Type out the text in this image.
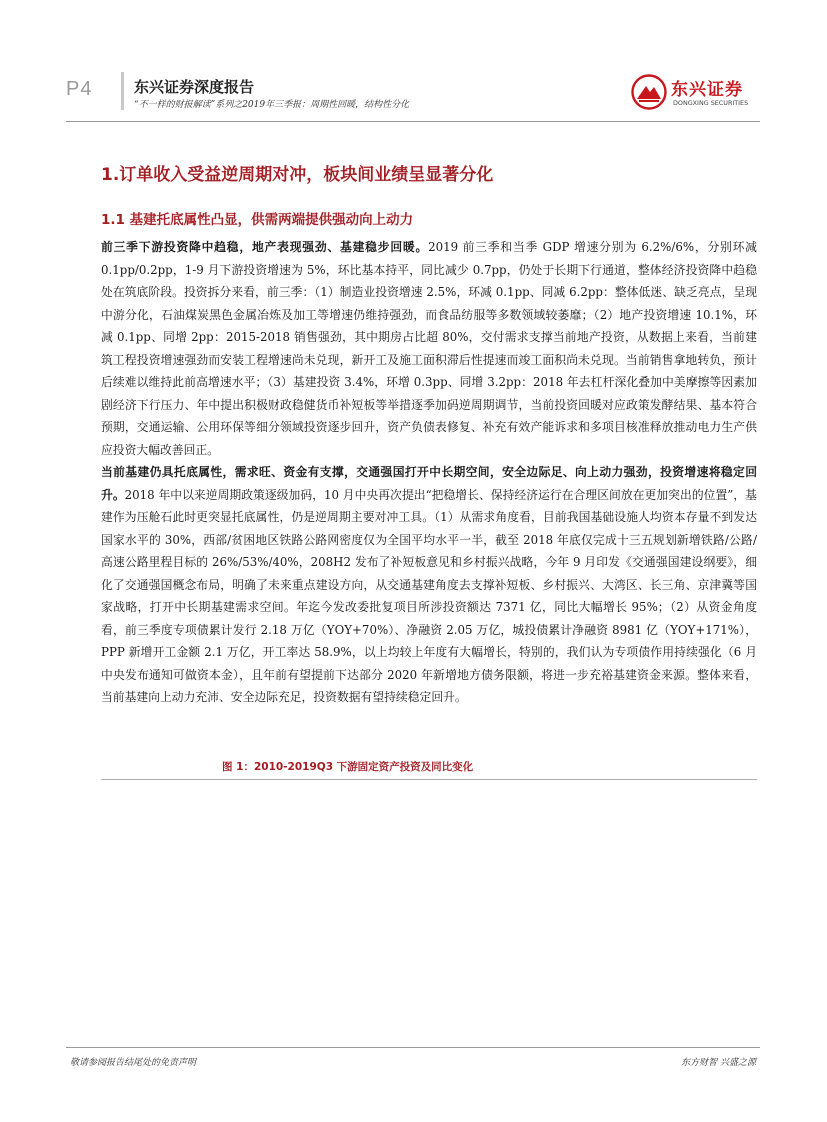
P4	东兴证券深度报告

“不一样的财报解读”系列之2019年三季报：周期性回暖，结构性分化

东兴证券
DONGXING SECURITIES
1.订单收入受益逆周期对冲，板块间业绩呈显著分化
1.1 基建托底属性凸显，供需两端提供强动向上动力

前三季下游投资降中趋稳，地产表现强劲、基建稳步回暖。2019 前三季和当季 GDP 增速分别为 6.2%/6%，分别环减 0.1pp/0.2pp，1-9 月下游投资增速为 5%，环比基本持平，同比减少 0.7pp，仍处于长期下行通道，整体经济投资降中趋稳处在筑底阶段。投资拆分来看，前三季：（1）制造业投资增速 2.5%，环减 0.1pp、同减 6.2pp：整体低迷、缺乏亮点，呈现中游分化，石油煤炭黑色金属冶炼及加工等增速仍维持强劲，而食品纺服等多数领域较萎靡；（2）地产投资增速 10.1%，环减 0.1pp、同增 2pp：2015-2018 销售强劲，其中期房占比超 80%，交付需求支撑当前地产投资，从数据上来看，当前建筑工程投资增速强劲而安装工程增速尚未兑现，新开工及施工面积滞后性提速而竣工面积尚未兑现。当前销售拿地转负，预计后续难以维持此前高增速水平；（3）基建投资 3.4%，环增 0.3pp、同增 3.2pp：2018 年去杠杆深化叠加中美摩擦等因素加剧经济下行压力、年中提出积极财政稳健货币补短板等举措逐季加码逆周期调节，当前投资回暖对应政策发酵结果、基本符合预期，交通运输、公用环保等细分领域投资逐步回升，资产负债表修复、补充有效产能诉求和多项目核准释放推动电力生产供应投资大幅改善回正。

当前基建仍具托底属性，需求旺、资金有支撑，交通强国打开中长期空间，安全边际足、向上动力强劲，投资增速将稳定回升。2018 年中以来逆周期政策逐级加码，10 月中央再次提出“把稳增长、保持经济运行在合理区间放在更加突出的位置”，基建作为压舱石此时更突显托底属性，仍是逆周期主要对冲工具。（1）从需求角度看，目前我国基础设施人均资本存量不到发达国家水平的 30%，西部/贫困地区铁路公路网密度仅为全国平均水平一半，截至 2018 年底仅完成十三五规划新增铁路/公路/高速公路里程目标的 26%/53%/40%，208H2 发布了补短板意见和乡村振兴战略，今年 9 月印发《交通强国建设纲要》，细化了交通强国概念布局，明确了未来重点建设方向，从交通基建角度去支撑补短板、乡村振兴、大湾区、长三角、京津冀等国家战略，打开中长期基建需求空间。年迄今发改委批复项目所涉投资额达 7371 亿，同比大幅增长 95%；（2）从资金角度看，前三季度专项债累计发行 2.18 万亿（YOY+70%）、净融资 2.05 万亿，城投债累计净融资 8981 亿（YOY+171%），PPP 新增开工金额 2.1 万亿，开工率达 58.9%，以上均较上年度有大幅增长，特别的，我们认为专项债作用持续强化（6 月中央发布通知可做资本金），且年前有望提前下达部分 2020 年新增地方债务限额，将进一步充裕基建资金来源。整体来看，当前基建向上动力充沛、安全边际充足，投资数据有望持续稳定回升。

图 1：2010-2019Q3 下游固定资产投资及同比变化

敬请参阅报告结尾处的免责声明	东方财智 兴盛之源
